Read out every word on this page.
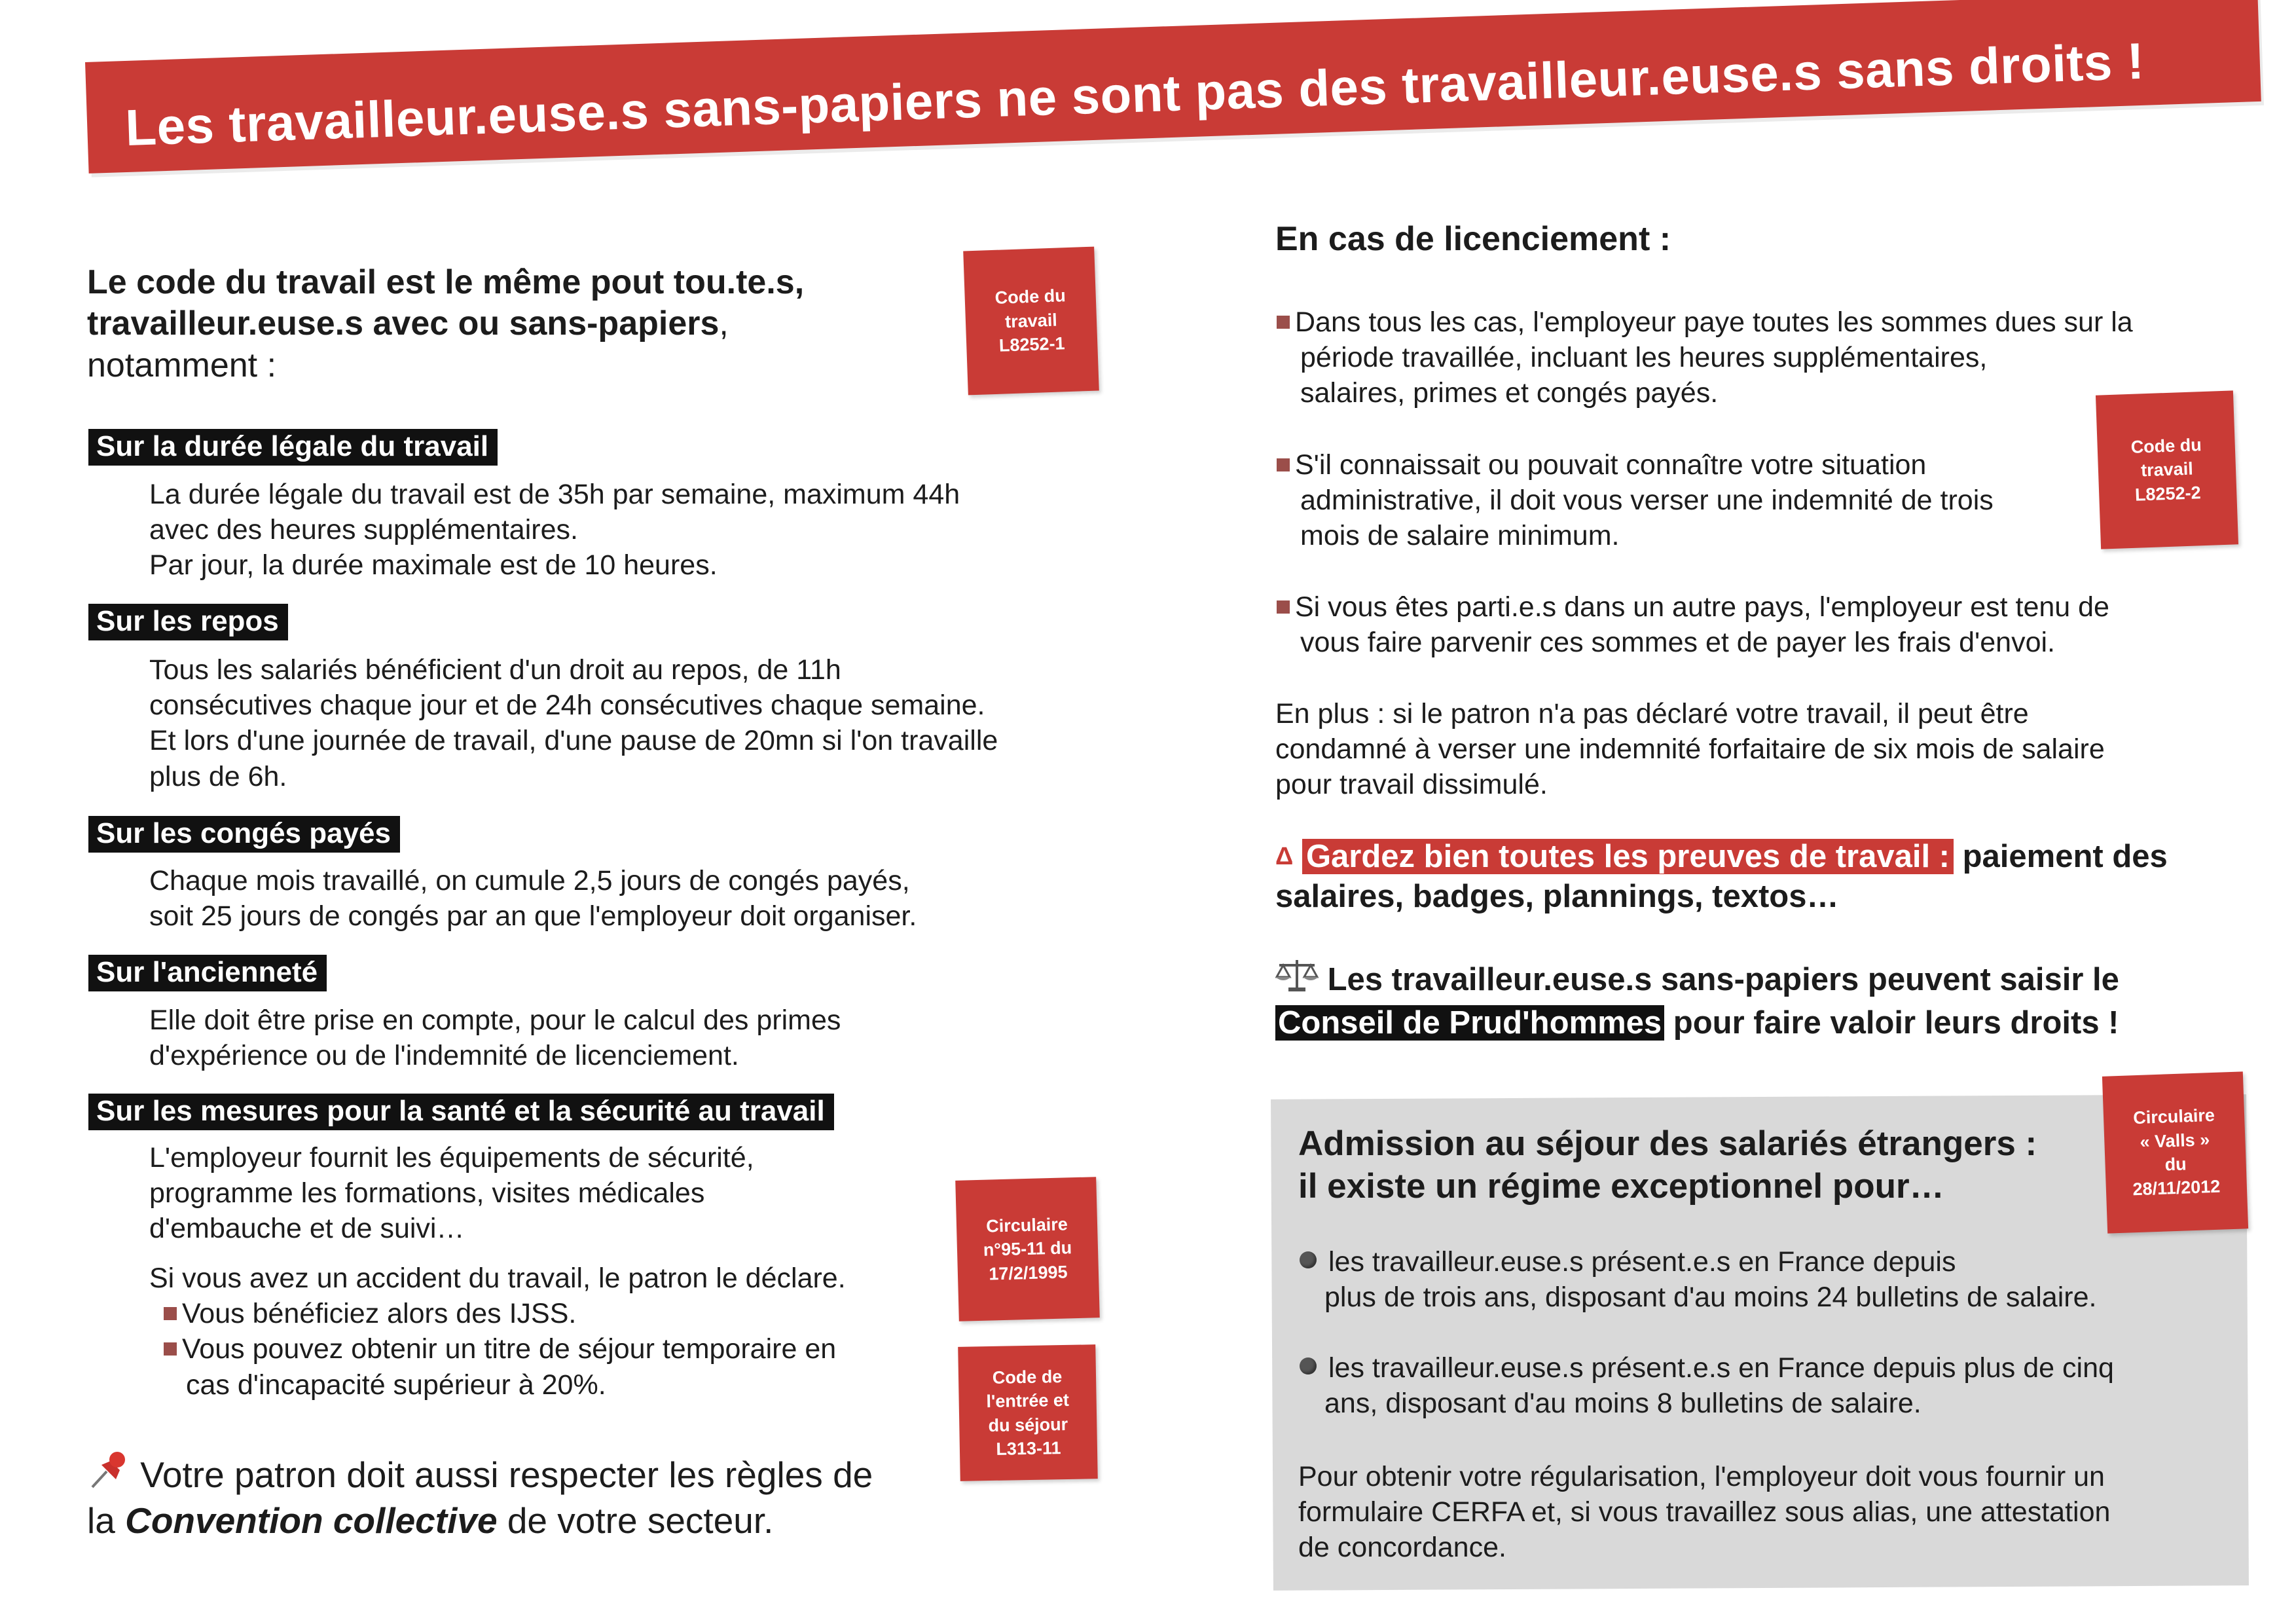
Les travailleur.euse.s sans-papiers ne sont pas des travailleur.euse.s sans droits !
Le code du travail est le même pout tou.te.s,
travailleur.euse.s avec ou sans-papiers,
notamment :
Code du
travail
L8252-1
Sur la durée légale du travail
La durée légale du travail est de 35h par semaine, maximum 44h
avec des heures supplémentaires.
Par jour, la durée maximale est de 10 heures.
Sur les repos
Tous les salariés bénéficient d'un droit au repos, de 11h
consécutives chaque jour et de 24h consécutives chaque semaine.
Et lors d'une journée de travail, d'une pause de 20mn si l'on travaille
plus de 6h.
Sur les congés payés
Chaque mois travaillé, on cumule 2,5 jours de congés payés,
soit 25 jours de congés par an que l'employeur doit organiser.
Sur l'ancienneté
Elle doit être prise en compte, pour le calcul des primes
d'expérience ou de l'indemnité de licenciement.
Sur les mesures pour la santé et la sécurité au travail
L'employeur fournit les équipements de sécurité,
programme les formations, visites médicales
d'embauche et de suivi…
Si vous avez un accident du travail, le patron le déclare.
Vous bénéficiez alors des IJSS.
Vous pouvez obtenir un titre de séjour temporaire en
cas d'incapacité supérieur à 20%.
Circulaire
n°95-11 du
17/2/1995
Code de
l'entrée et
du séjour
L313-11
Votre patron doit aussi respecter les règles de
la Convention collective de votre secteur.
En cas de licenciement :
Dans tous les cas, l'employeur paye toutes les sommes dues sur la
période travaillée, incluant les heures supplémentaires,
salaires, primes et congés payés.
S'il connaissait ou pouvait connaître votre situation
administrative, il doit vous verser une indemnité de trois
mois de salaire minimum.
Code du
travail
L8252-2
Si vous êtes parti.e.s dans un autre pays, l'employeur est tenu de
vous faire parvenir ces sommes et de payer les frais d'envoi.
En plus : si le patron n'a pas déclaré votre travail, il peut être
condamné à verser une indemnité forfaitaire de six mois de salaire
pour travail dissimulé.
Δ Gardez bien toutes les preuves de travail : paiement des
salaires, badges, plannings, textos…
Les travailleur.euse.s sans-papiers peuvent saisir le
Conseil de Prud'hommes pour faire valoir leurs droits !
Admission au séjour des salariés étrangers :
il existe un régime exceptionnel pour…
Circulaire
« Valls »
du
28/11/2012
les travailleur.euse.s présent.e.s en France depuis
plus de trois ans, disposant d'au moins 24 bulletins de salaire.
les travailleur.euse.s présent.e.s en France depuis plus de cinq
ans, disposant d'au moins 8 bulletins de salaire.
Pour obtenir votre régularisation, l'employeur doit vous fournir un
formulaire CERFA et, si vous travaillez sous alias, une attestation
de concordance.
